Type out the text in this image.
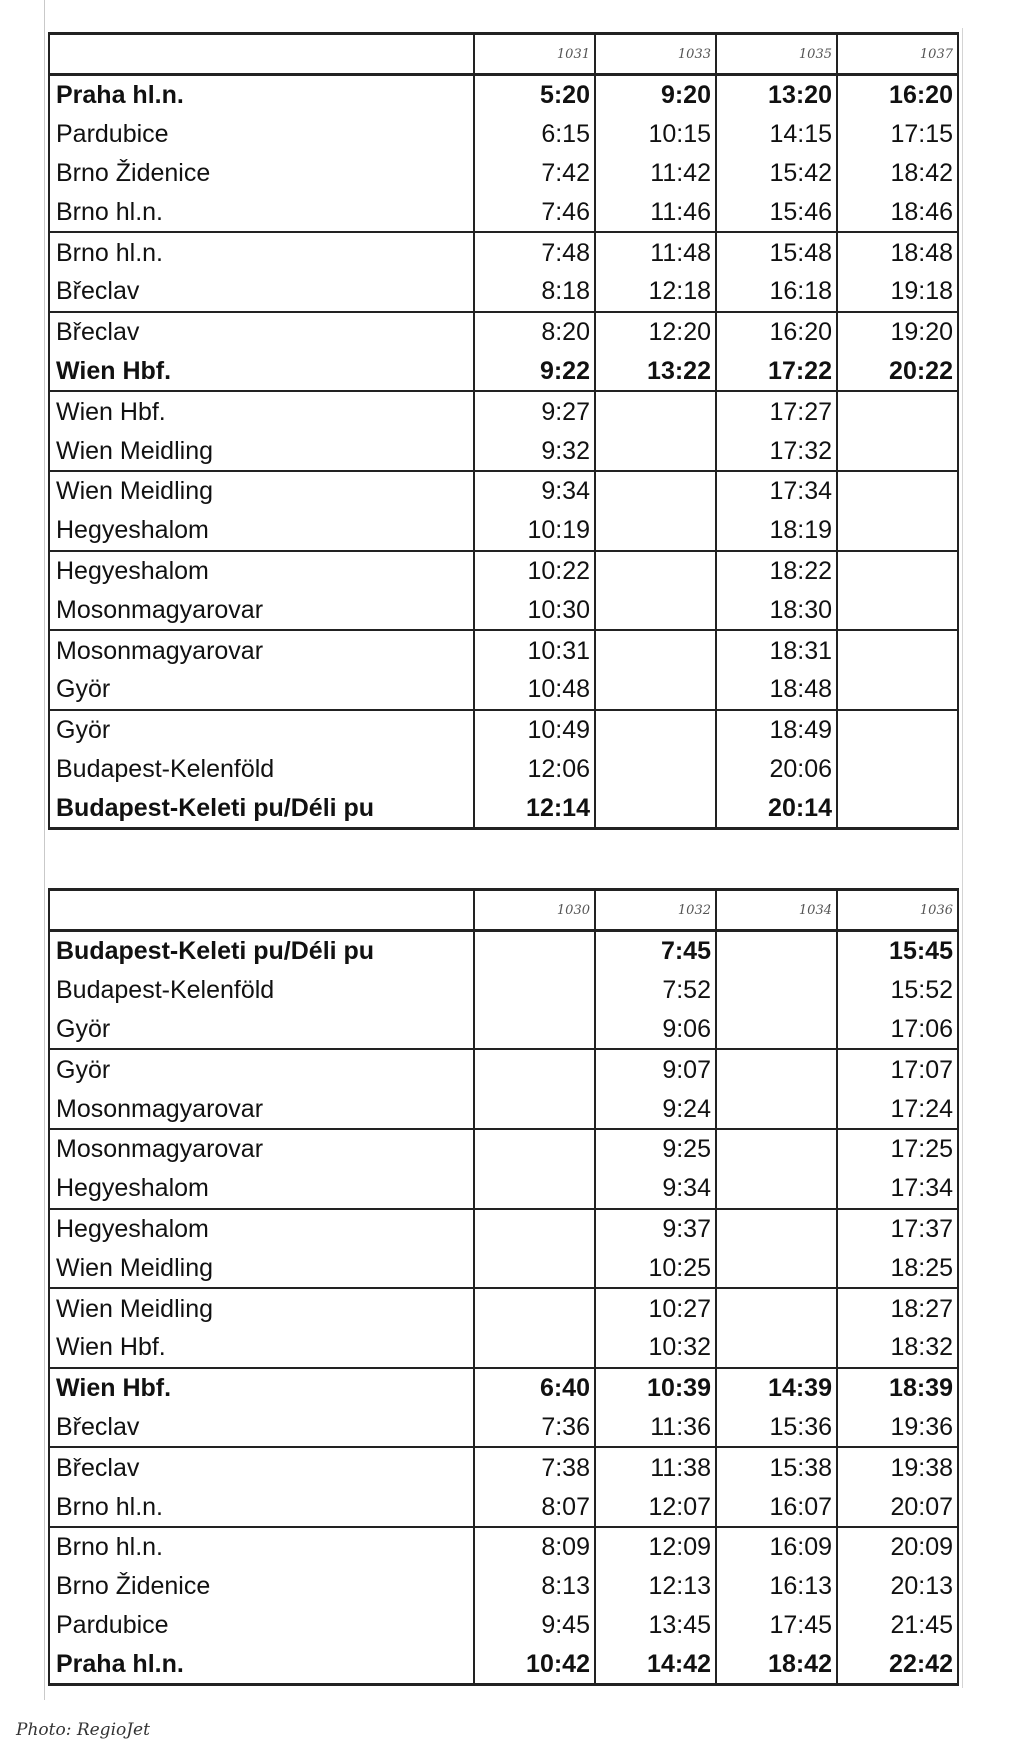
	1031	1033	1035	1037
Praha hl.n.	5:20	9:20	13:20	16:20
Pardubice	6:15	10:15	14:15	17:15
Brno Židenice	7:42	11:42	15:42	18:42
Brno hl.n.	7:46	11:46	15:46	18:46
Brno hl.n.	7:48	11:48	15:48	18:48
Břeclav	8:18	12:18	16:18	19:18
Břeclav	8:20	12:20	16:20	19:20
Wien Hbf.	9:22	13:22	17:22	20:22
Wien Hbf.	9:27		17:27	
Wien Meidling	9:32		17:32	
Wien Meidling	9:34		17:34	
Hegyeshalom	10:19		18:19	
Hegyeshalom	10:22		18:22	
Mosonmagyarovar	10:30		18:30	
Mosonmagyarovar	10:31		18:31	
Györ	10:48		18:48	
Györ	10:49		18:49	
Budapest-Kelenföld	12:06		20:06	
Budapest-Keleti pu/Déli pu	12:14		20:14	
	1030	1032	1034	1036
Budapest-Keleti pu/Déli pu		7:45		15:45
Budapest-Kelenföld		7:52		15:52
Györ		9:06		17:06
Györ		9:07		17:07
Mosonmagyarovar		9:24		17:24
Mosonmagyarovar		9:25		17:25
Hegyeshalom		9:34		17:34
Hegyeshalom		9:37		17:37
Wien Meidling		10:25		18:25
Wien Meidling		10:27		18:27
Wien Hbf.		10:32		18:32
Wien Hbf.	6:40	10:39	14:39	18:39
Břeclav	7:36	11:36	15:36	19:36
Břeclav	7:38	11:38	15:38	19:38
Brno hl.n.	8:07	12:07	16:07	20:07
Brno hl.n.	8:09	12:09	16:09	20:09
Brno Židenice	8:13	12:13	16:13	20:13
Pardubice	9:45	13:45	17:45	21:45
Praha hl.n.	10:42	14:42	18:42	22:42
Photo: RegioJet
